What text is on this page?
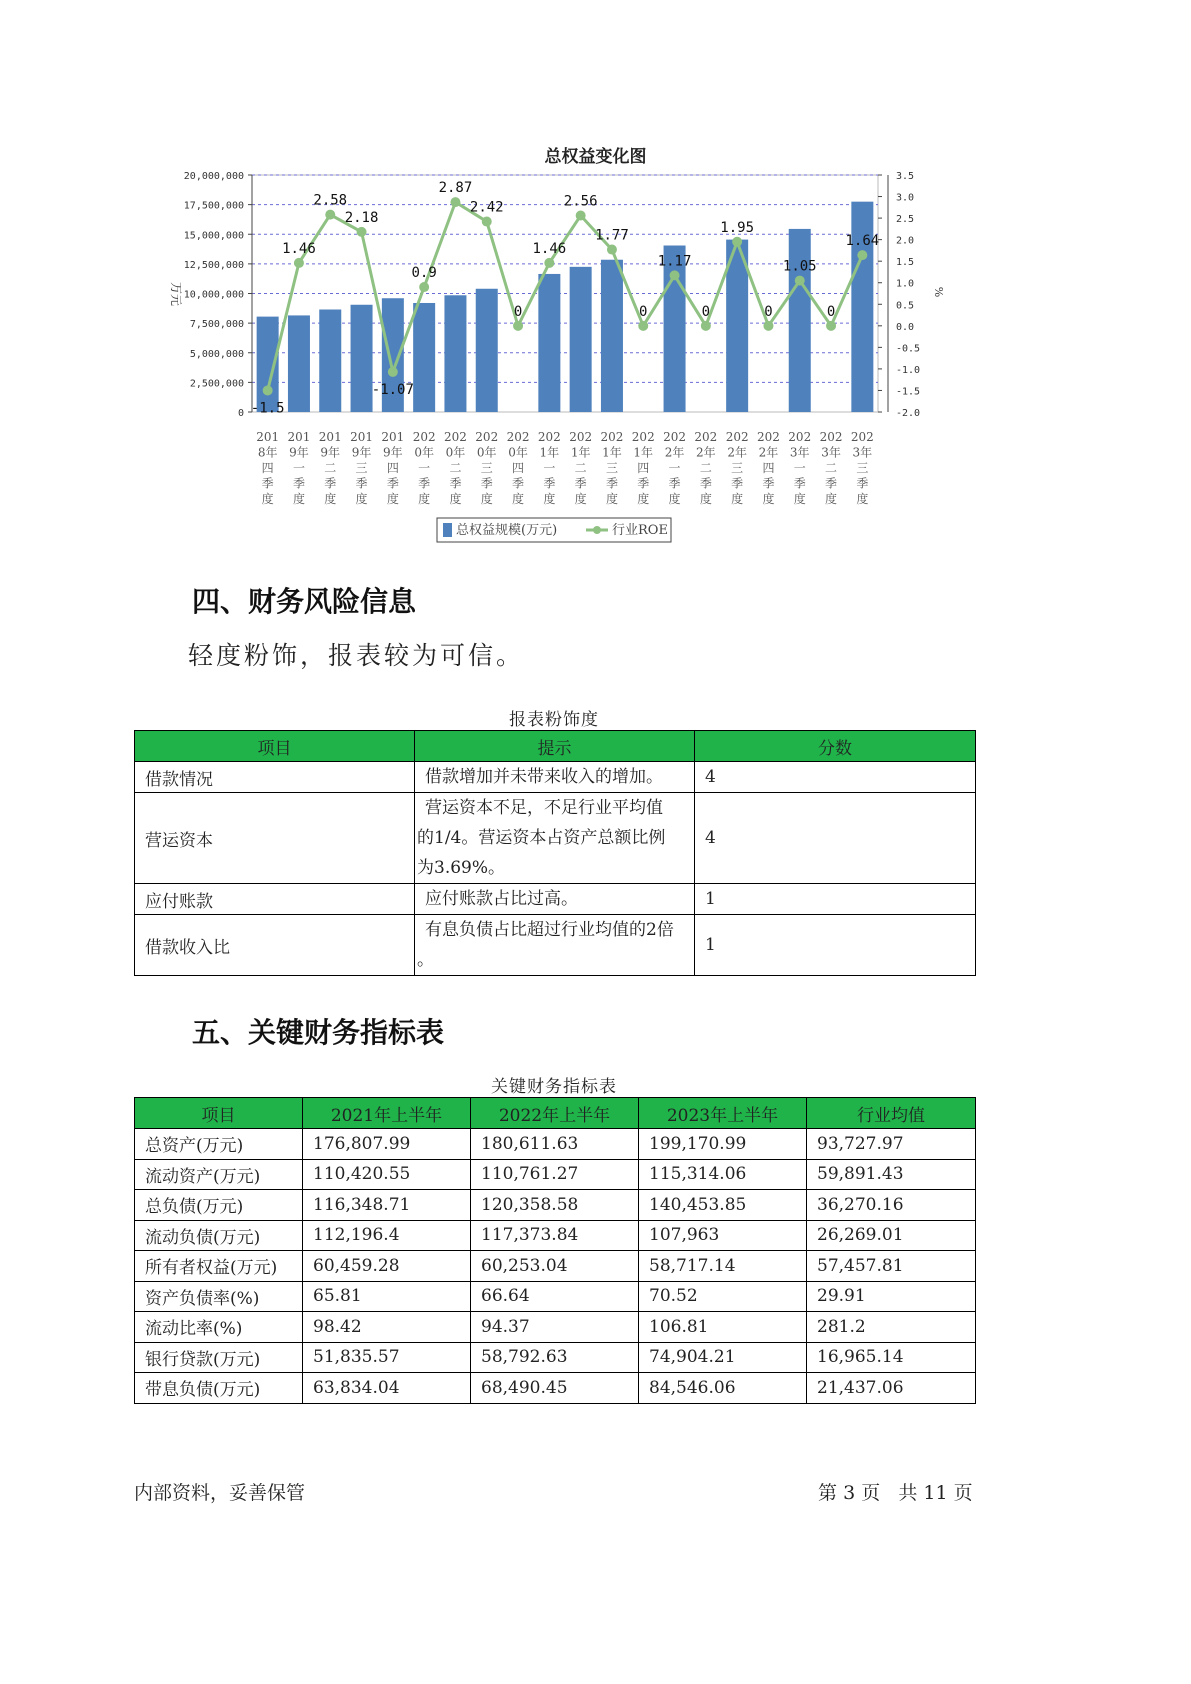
总权益变化图
0
2,500,000
5,000,000
7,500,000
10,000,000
12,500,000
15,000,000
17,500,000
20,000,000
-2.0
-1.5
-1.0
-0.5
0.0
0.5
1.0
1.5
2.0
2.5
3.0
3.5
万元	%
-1.5
1.46
2.58
2.18
-1.07
0.9
2.87
2.42
0
1.46
2.56
1.77
0
1.17
0
1.95
0
1.05
0
1.64
201
8年
四
季
度
201
9年
一
季
度
201
9年
二
季
度
201
9年
三
季
度
201
9年
四
季
度
202
0年
一
季
度
202
0年
二
季
度
202
0年
三
季
度
202
0年
四
季
度
202
1年
一
季
度
202
1年
二
季
度
202
1年
三
季
度
202
1年
四
季
度
202
2年
一
季
度
202
2年
二
季
度
202
2年
三
季
度
202
2年
四
季
度
202
3年
一
季
度
202
3年
二
季
度
202
3年
三
季
度
总权益规模(万元)	行业ROE
四、财务风险信息
轻度粉饰，报表较为可信。
报表粉饰度
项目	提示	分数
借款情况	借款增加并未带来收入的增加。	4
营运资本	营运资本不足，不足行业平均值
的1/4。营运资本占资产总额比例
为3.69%。	4
应付账款	应付账款占比过高。	1
借款收入比	有息负债占比超过行业均值的2倍
。	1
五、关键财务指标表
关键财务指标表
项目	2021年上半年	2022年上半年	2023年上半年	行业均值
总资产(万元)	176,807.99	180,611.63	199,170.99	93,727.97
流动资产(万元)	110,420.55	110,761.27	115,314.06	59,891.43
总负债(万元)	116,348.71	120,358.58	140,453.85	36,270.16
流动负债(万元)	112,196.4	117,373.84	107,963	26,269.01
所有者权益(万元)	60,459.28	60,253.04	58,717.14	57,457.81
资产负债率(%)	65.81	66.64	70.52	29.91
流动比率(%)	98.42	94.37	106.81	281.2
银行贷款(万元)	51,835.57	58,792.63	74,904.21	16,965.14
带息负债(万元)	63,834.04	68,490.45	84,546.06	21,437.06
内部资料，妥善保管	第 3 页 共 11 页
